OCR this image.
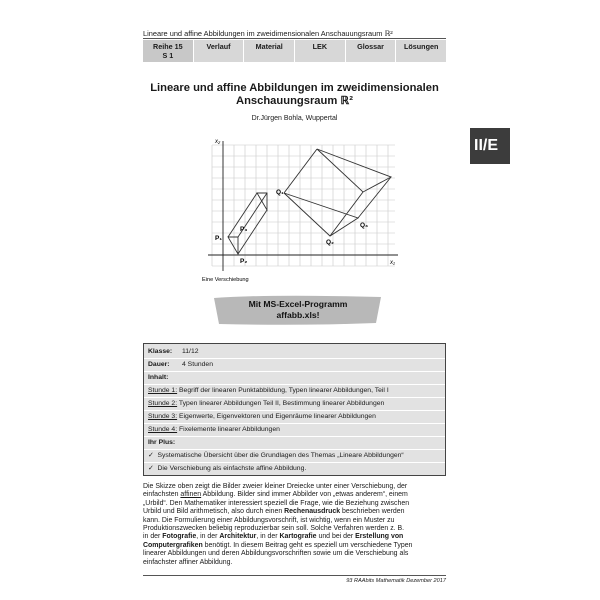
Lineare und affine Abbildungen im zweidimensionalen Anschauungsraum ℝ²
Reihe 15
S 1
Verlauf	Material	LEK	Glossar	Lösungen
Lineare und affine Abbildungen im zweidimensionalen
Anschauungsraum ℝ²
Dr.Jürgen Bohla, Wuppertal
II/E
x₁
x₂
P₁
P₂
P₃
Q₁
Q₂
Q₃
Eine Verschiebung
Mit MS-Excel-Programm
affabb.xls!
Klasse: 11/12
Dauer: 4 Stunden
Inhalt:
Stunde 1: Begriff der linearen Punktabbildung, Typen linearer Abbildungen, Teil I
Stunde 2: Typen linearer Abbildungen Teil II, Bestimmung linearer Abbildungen
Stunde 3: Eigenwerte, Eigenvektoren und Eigenräume linearer Abbildungen
Stunde 4: Fixelemente linearer Abbildungen
Ihr Plus:
✓ Systematische Übersicht über die Grundlagen des Themas „Lineare Abbildungen“
✓ Die Verschiebung als einfachste affine Abbildung.
Die Skizze oben zeigt die Bilder zweier kleiner Dreiecke unter einer Verschiebung, der
einfachsten affinen Abbildung. Bilder sind immer Abbilder von „etwas anderem“, einem
„Urbild“. Den Mathematiker interessiert speziell die Frage, wie die Beziehung zwischen
Urbild und Bild arithmetisch, also durch einen Rechenausdruck beschrieben werden
kann. Die Formulierung einer Abbildungsvorschrift, ist wichtig, wenn ein Muster zu
Produktionszwecken beliebig reproduzierbar sein soll. Solche Verfahren werden z. B.
in der Fotografie, in der Architektur, in der Kartografie und bei der Erstellung von
Computergrafiken benötigt. In diesem Beitrag geht es speziell um verschiedene Typen
linearer Abbildungen und deren Abbildungsvorschriften sowie um die Verschiebung als
einfachster affiner Abbildung.
93 RAAbits Mathematik Dezember 2017
